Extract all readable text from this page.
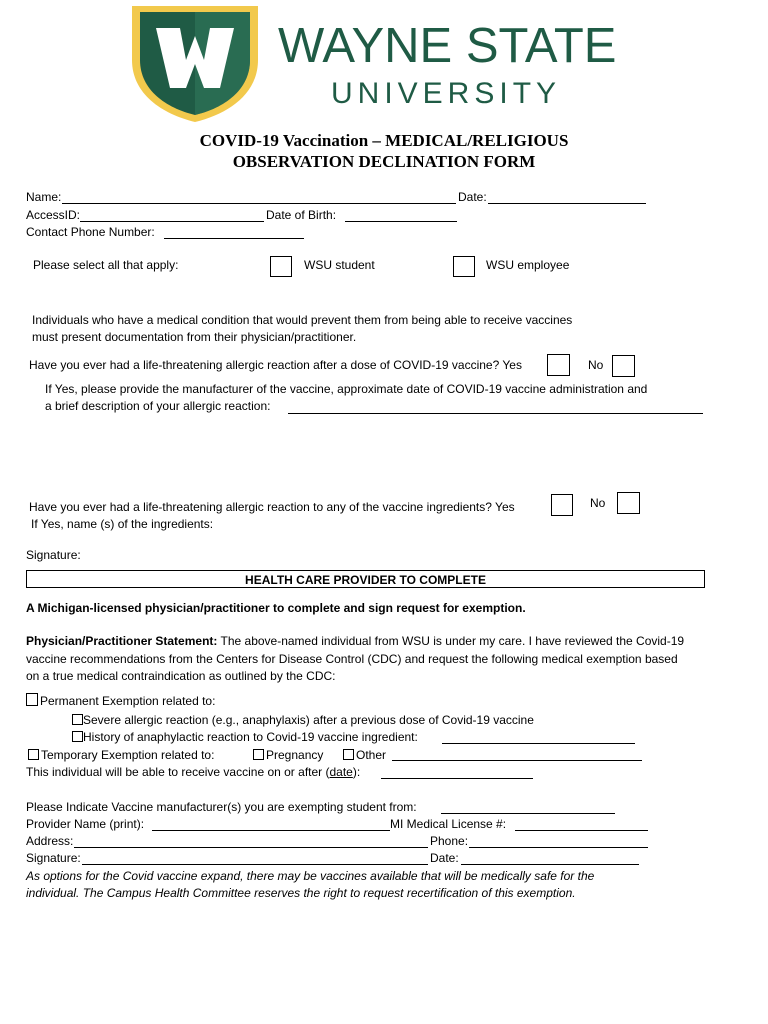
WAYNE STATE
UNIVERSITY
COVID-19 Vaccination – MEDICAL/RELIGIOUS
OBSERVATION DECLINATION FORM
Name:	Date:
AccessID:	Date of Birth:
Contact Phone Number:
Please select all that apply:	WSU student	WSU employee
Individuals who have a medical condition that would prevent them from being able to receive vaccines
must present documentation from their physician/practitioner.
Have you ever had a life-threatening allergic reaction after a dose of COVID-19 vaccine? Yes	No
If Yes, please provide the manufacturer of the vaccine, approximate date of COVID-19 vaccine administration and
a brief description of your allergic reaction:
Have you ever had a life-threatening allergic reaction to any of the vaccine ingredients? Yes	No
If Yes, name (s) of the ingredients:
Signature:
HEALTH CARE PROVIDER TO COMPLETE
A Michigan-licensed physician/practitioner to complete and sign request for exemption.
Physician/Practitioner Statement: The above-named individual from WSU is under my care. I have reviewed the Covid-19
vaccine recommendations from the Centers for Disease Control (CDC) and request the following medical exemption based
on a true medical contraindication as outlined by the CDC:
Permanent Exemption related to:
Severe allergic reaction (e.g., anaphylaxis) after a previous dose of Covid-19 vaccine
History of anaphylactic reaction to Covid-19 vaccine ingredient:
Temporary Exemption related to:	Pregnancy	Other
This individual will be able to receive vaccine on or after (date):
Please Indicate Vaccine manufacturer(s) you are exempting student from:
Provider Name (print):	MI Medical License #:
Address:	Phone:
Signature:	Date:
As options for the Covid vaccine expand, there may be vaccines available that will be medically safe for the
individual. The Campus Health Committee reserves the right to request recertification of this exemption.
